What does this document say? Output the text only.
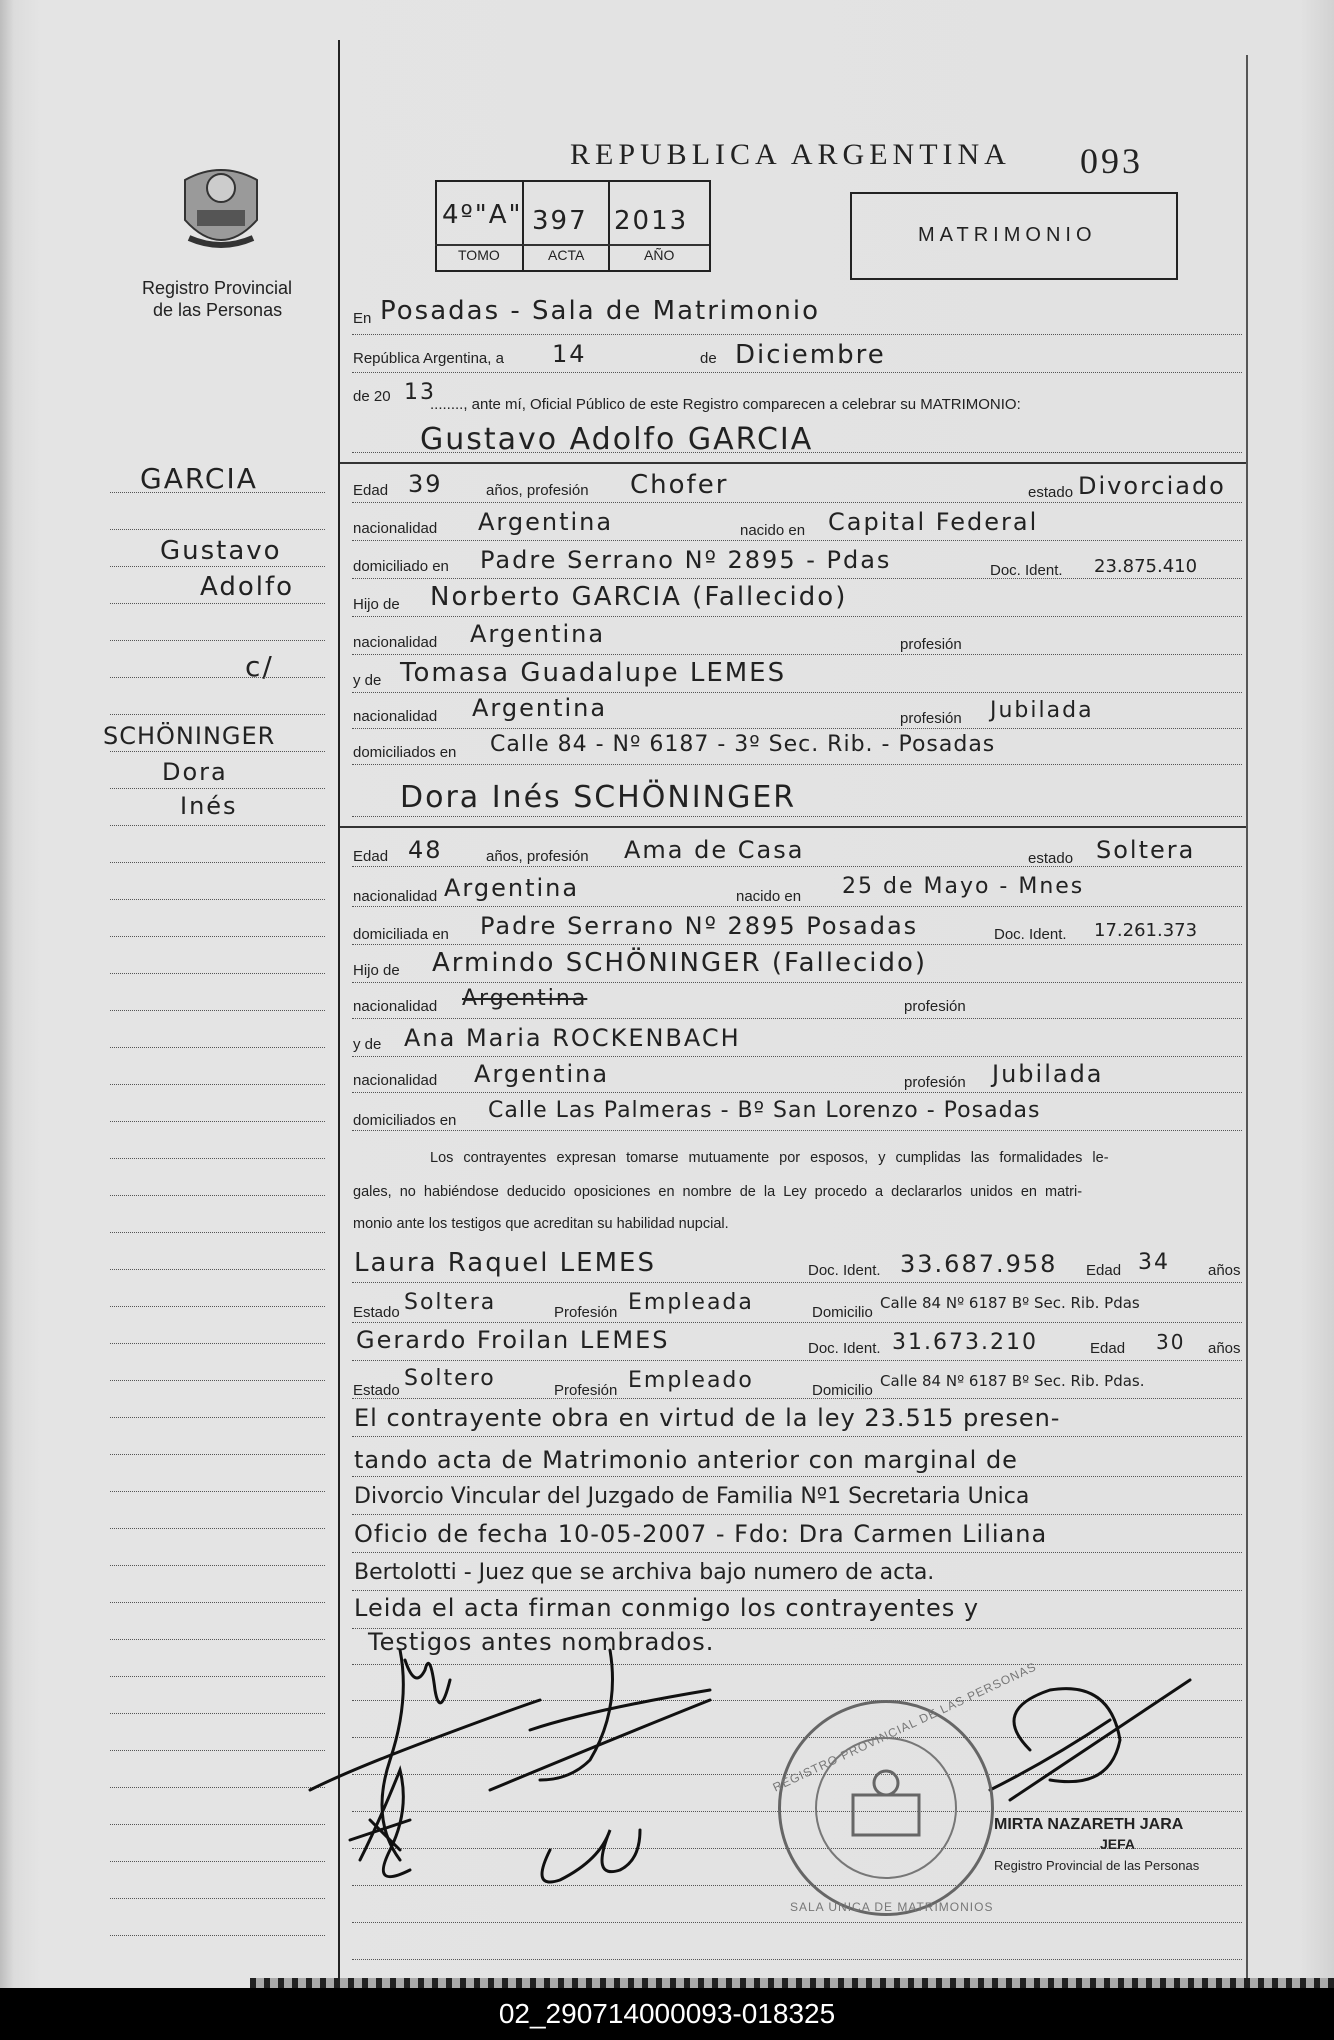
Registro Provincial
de las Personas
REPUBLICA ARGENTINA 093
4º"A" 397 2013
TOMO	ACTA	AÑO
MATRIMONIO
GARCIA
Gustavo
Adolfo
c/
SCHÖNINGER
Dora
Inés
En Posadas - Sala de Matrimonio
República Argentina, a 14	de Diciembre
de 20 13
........, ante mí, Oficial Público de este Registro comparecen a celebrar su MATRIMONIO:
Gustavo Adolfo GARCIA
Edad 39	años, profesión Chofer	estado Divorciado
nacionalidad Argentina	nacido en Capital Federal
domiciliado en Padre Serrano Nº 2895 - Pdas	Doc. Ident. 23.875.410
Hijo de Norberto GARCIA (Fallecido)
nacionalidad Argentina	profesión
y de Tomasa Guadalupe LEMES
nacionalidad Argentina	profesión Jubilada
domiciliados en Calle 84 - Nº 6187 - 3º Sec. Rib. - Posadas
Dora Inés SCHÖNINGER
Edad 48	años, profesión Ama de Casa	estado Soltera
nacionalidad Argentina	nacido en 25 de Mayo - Mnes
domiciliada en Padre Serrano Nº 2895 Posadas	Doc. Ident. 17.261.373
Hijo de Armindo SCHÖNINGER (Fallecido)
nacionalidad Argentina	profesión
y de Ana Maria ROCKENBACH
nacionalidad Argentina	profesión Jubilada
domiciliados en Calle Las Palmeras - Bº San Lorenzo - Posadas
Los contrayentes expresan tomarse mutuamente por esposos, y cumplidas las formalidades le-
gales, no habiéndose deducido oposiciones en nombre de la Ley procedo a declararlos unidos en matri-
monio ante los testigos que acreditan su habilidad nupcial.
Laura Raquel LEMES	Doc. Ident. 33.687.958 Edad 34	años
Estado Soltera	Profesión Empleada	Domicilio
Calle 84 Nº 6187 Bº Sec. Rib. Pdas
Gerardo Froilan LEMES	Doc. Ident. 31.673.210	Edad 30 años
Estado Soltero	Profesión Empleado	Domicilio
Calle 84 Nº 6187 Bº Sec. Rib. Pdas.
El contrayente obra en virtud de la ley 23.515 presen-
tando acta de Matrimonio anterior con marginal de
Divorcio Vincular del Juzgado de Familia Nº1 Secretaria Unica
Oficio de fecha 10-05-2007 - Fdo: Dra Carmen Liliana
Bertolotti - Juez que se archiva bajo numero de acta.
Leida el acta firman conmigo los contrayentes y
Testigos antes nombrados.
REGISTRO PROVINCIAL DE LAS PERSONAS
SALA UNICA DE MATRIMONIOS
MIRTA NAZARETH JARA
JEFA
Registro Provincial de las Personas
02_290714000093-018325
